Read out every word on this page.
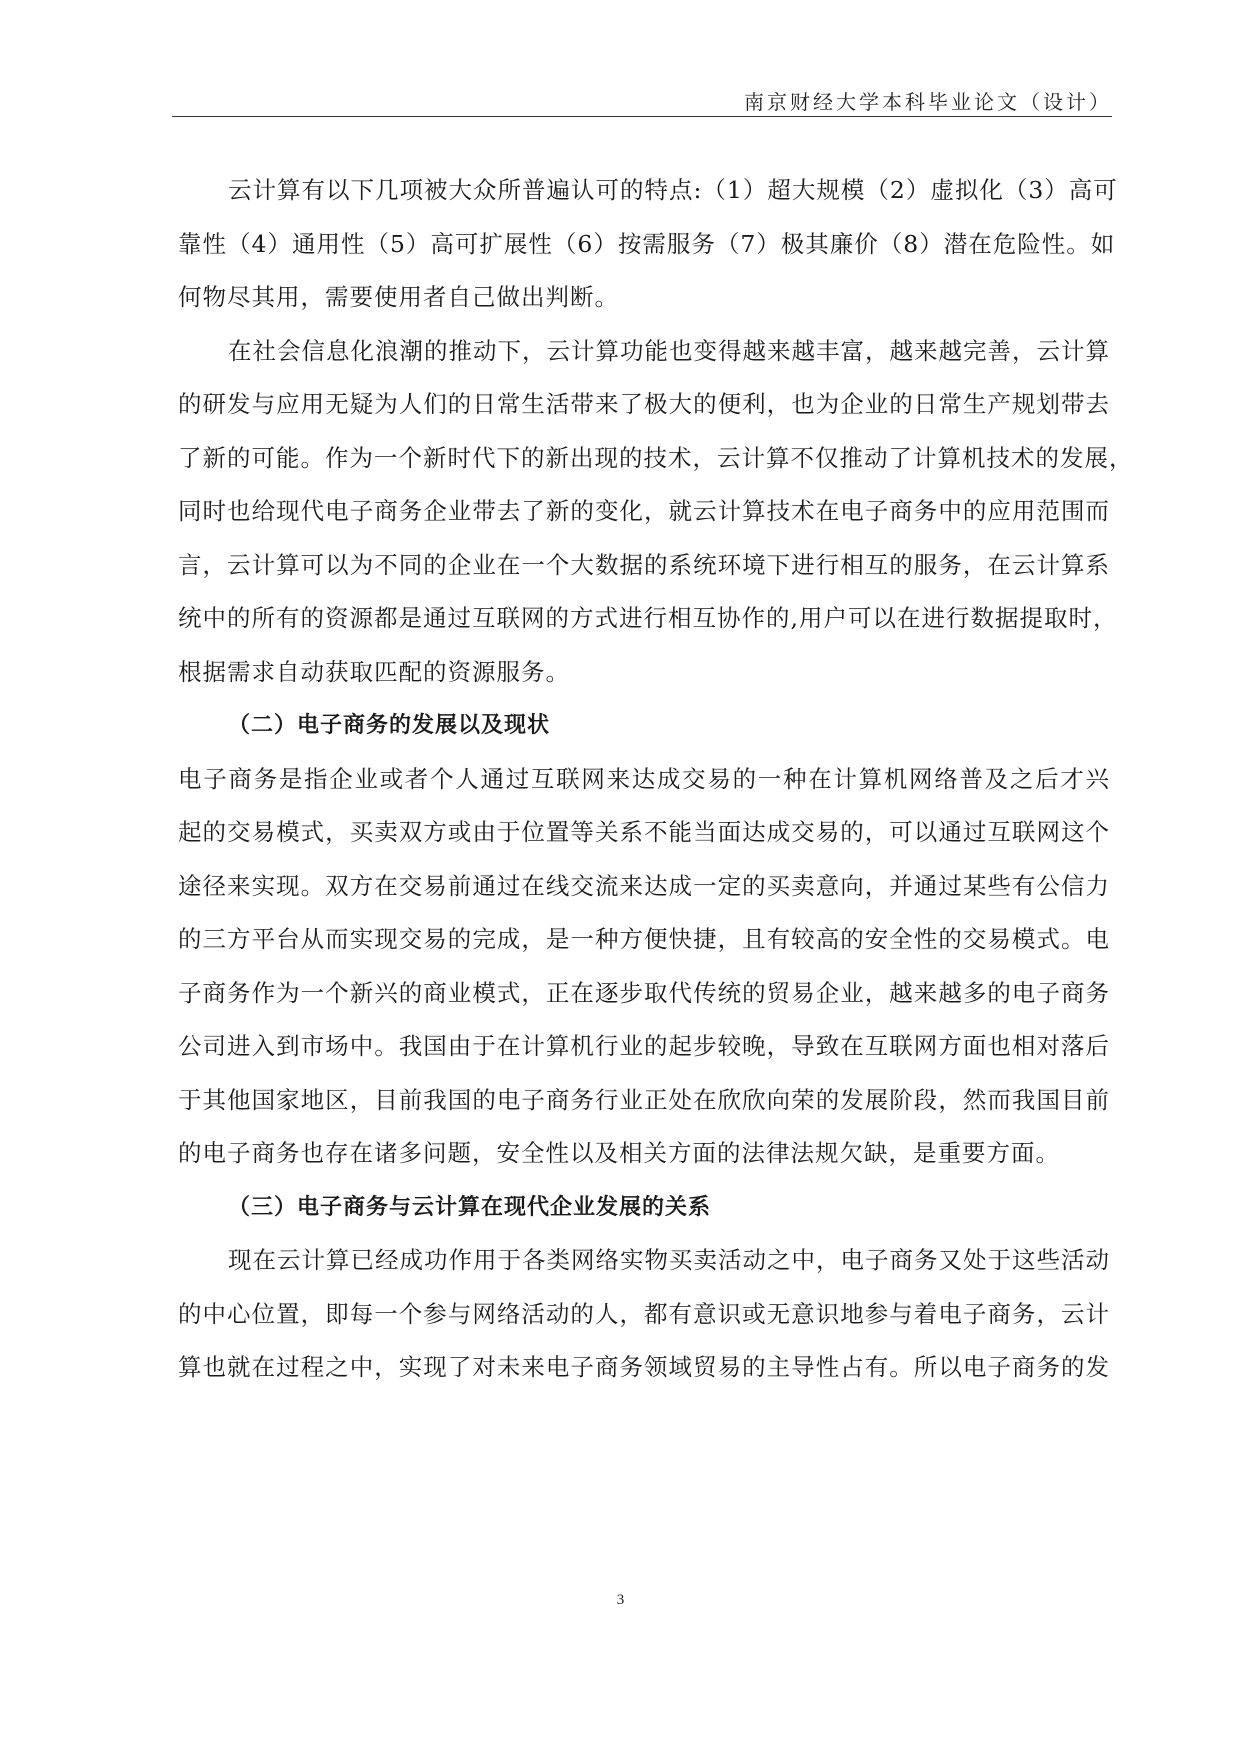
南京财经大学本科毕业论文（设计）
云计算有以下几项被大众所普遍认可的特点:（1）超大规模（2）虚拟化（3）高可
靠性（4）通用性（5）高可扩展性（6）按需服务（7）极其廉价（8）潜在危险性。如
何物尽其用，需要使用者自己做出判断。
在社会信息化浪潮的推动下，云计算功能也变得越来越丰富，越来越完善，云计算
的研发与应用无疑为人们的日常生活带来了极大的便利，也为企业的日常生产规划带去
了新的可能。作为一个新时代下的新出现的技术，云计算不仅推动了计算机技术的发展，
同时也给现代电子商务企业带去了新的变化，就云计算技术在电子商务中的应用范围而
言，云计算可以为不同的企业在一个大数据的系统环境下进行相互的服务，在云计算系
统中的所有的资源都是通过互联网的方式进行相互协作的,用户可以在进行数据提取时，
根据需求自动获取匹配的资源服务。
（二）电子商务的发展以及现状
电子商务是指企业或者个人通过互联网来达成交易的一种在计算机网络普及之后才兴
起的交易模式，买卖双方或由于位置等关系不能当面达成交易的，可以通过互联网这个
途径来实现。双方在交易前通过在线交流来达成一定的买卖意向，并通过某些有公信力
的三方平台从而实现交易的完成，是一种方便快捷，且有较高的安全性的交易模式。电
子商务作为一个新兴的商业模式，正在逐步取代传统的贸易企业，越来越多的电子商务
公司进入到市场中。我国由于在计算机行业的起步较晚，导致在互联网方面也相对落后
于其他国家地区，目前我国的电子商务行业正处在欣欣向荣的发展阶段，然而我国目前
的电子商务也存在诸多问题，安全性以及相关方面的法律法规欠缺，是重要方面。
（三）电子商务与云计算在现代企业发展的关系
现在云计算已经成功作用于各类网络实物买卖活动之中，电子商务又处于这些活动
的中心位置，即每一个参与网络活动的人，都有意识或无意识地参与着电子商务，云计
算也就在过程之中，实现了对未来电子商务领域贸易的主导性占有。所以电子商务的发
3
